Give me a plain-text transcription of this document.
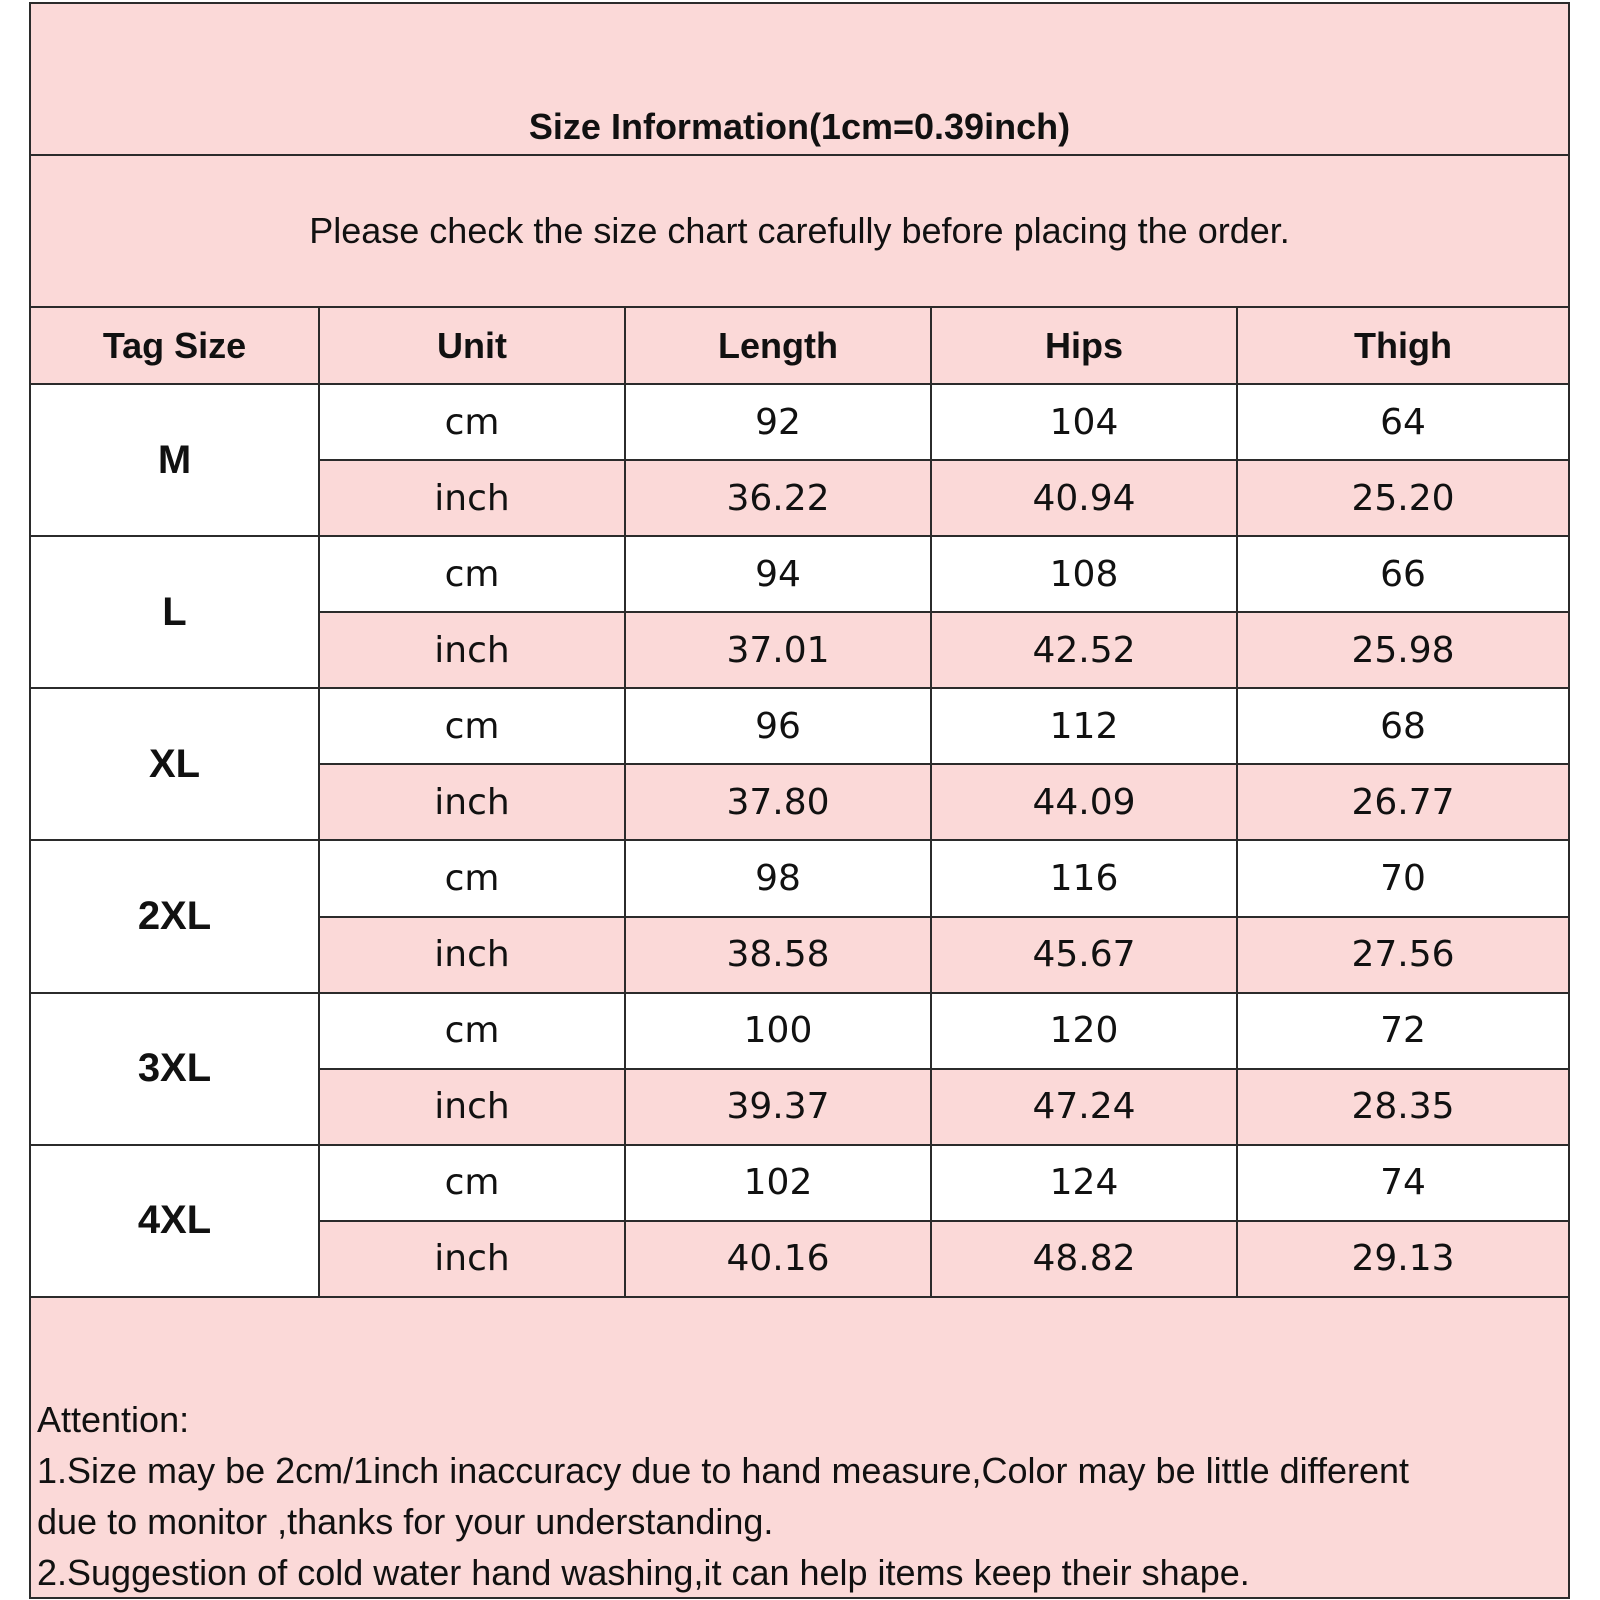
Size Information(1cm=0.39inch)
Please check the size chart carefully before placing the order.
Tag Size	Unit	Length	Hips	Thigh
M	cm	92	104	64
	inch	36.22	40.94	25.20
L	cm	94	108	66
	inch	37.01	42.52	25.98
XL	cm	96	112	68
	inch	37.80	44.09	26.77
2XL	cm	98	116	70
	inch	38.58	45.67	27.56
3XL	cm	100	120	72
	inch	39.37	47.24	28.35
4XL	cm	102	124	74
	inch	40.16	48.82	29.13
Attention:
1.Size may be 2cm/1inch inaccuracy due to hand measure,Color may be little different
due to monitor ,thanks for your understanding.
2.Suggestion of cold water hand washing,it can help items keep their shape.
